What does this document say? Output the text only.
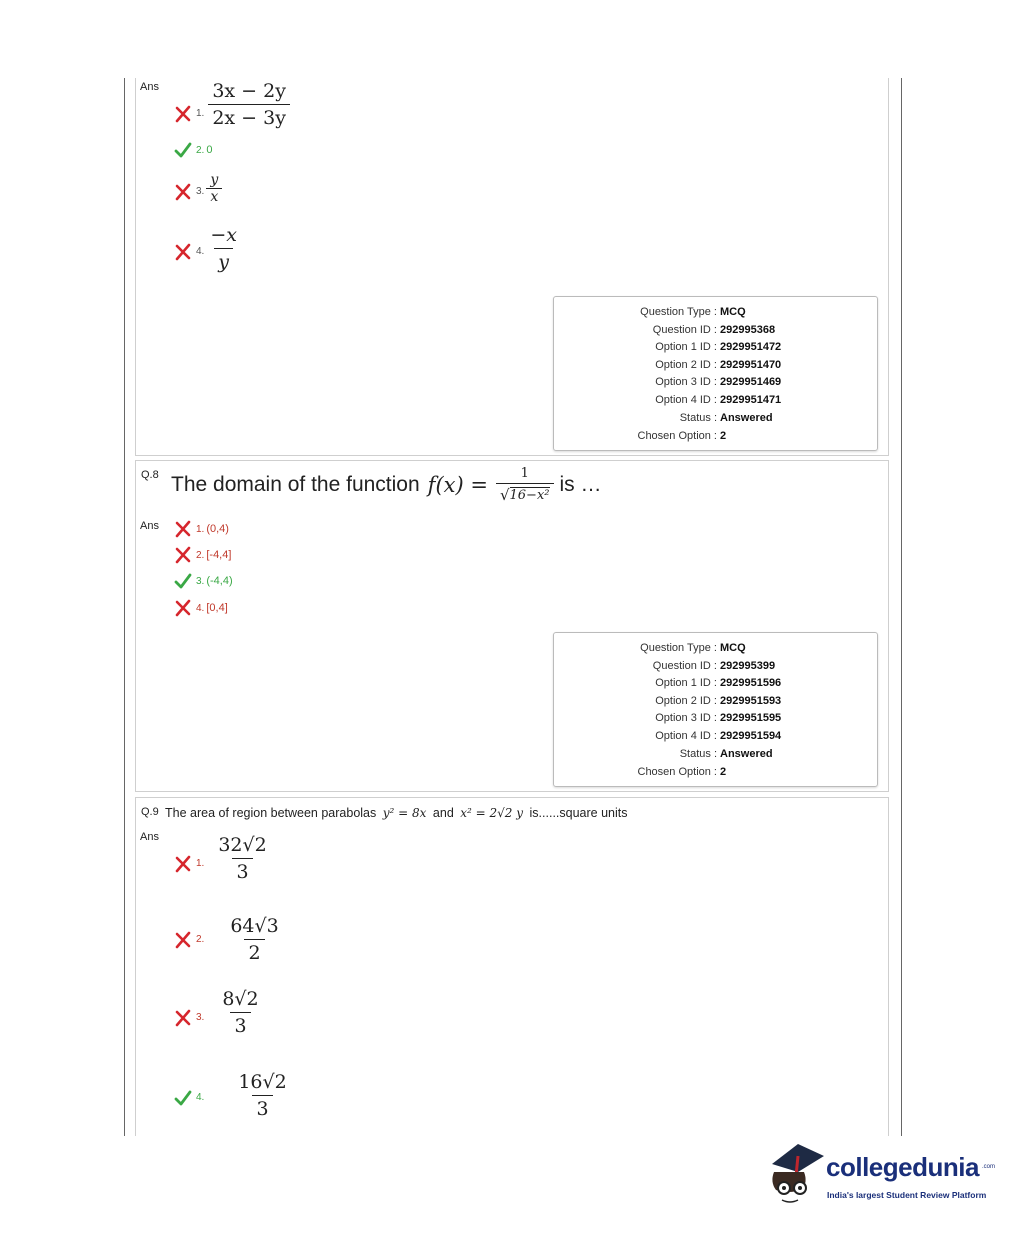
Ans
1. $\frac{3x - 2y}{2x - 3y}$
2. 0
3. $\frac{y}{x}$
4. $\frac{-x}{y}$
Question Type : MCQ
Question ID : 292995368
Option 1 ID : 2929951472
Option 2 ID : 2929951470
Option 3 ID : 2929951469
Option 4 ID : 2929951471
Status : Answered
Chosen Option : 2
Q.8 The domain of the function $f(x) = \frac{1}{\text{√ 16−x²}}$ is …
Ans	1. (0,4)
2. [-4,4]
3. (-4,4)
4. [0,4]
Question Type : MCQ
Question ID : 292995399
Option 1 ID : 2929951596
Option 2 ID : 2929951593
Option 3 ID : 2929951595
Option 4 ID : 2929951594
Status : Answered
Chosen Option : 2
Q.9 The area of region between parabolas y² = 8x and x² = 2√2 y is......square units
Ans
1. $\frac{32√2}{3}$
2. $\frac{64√3}{2}$
3. $\frac{8√2}{3}$
4. $\frac{16√2}{3}$
collegedunia .com
India's largest Student Review Platform
